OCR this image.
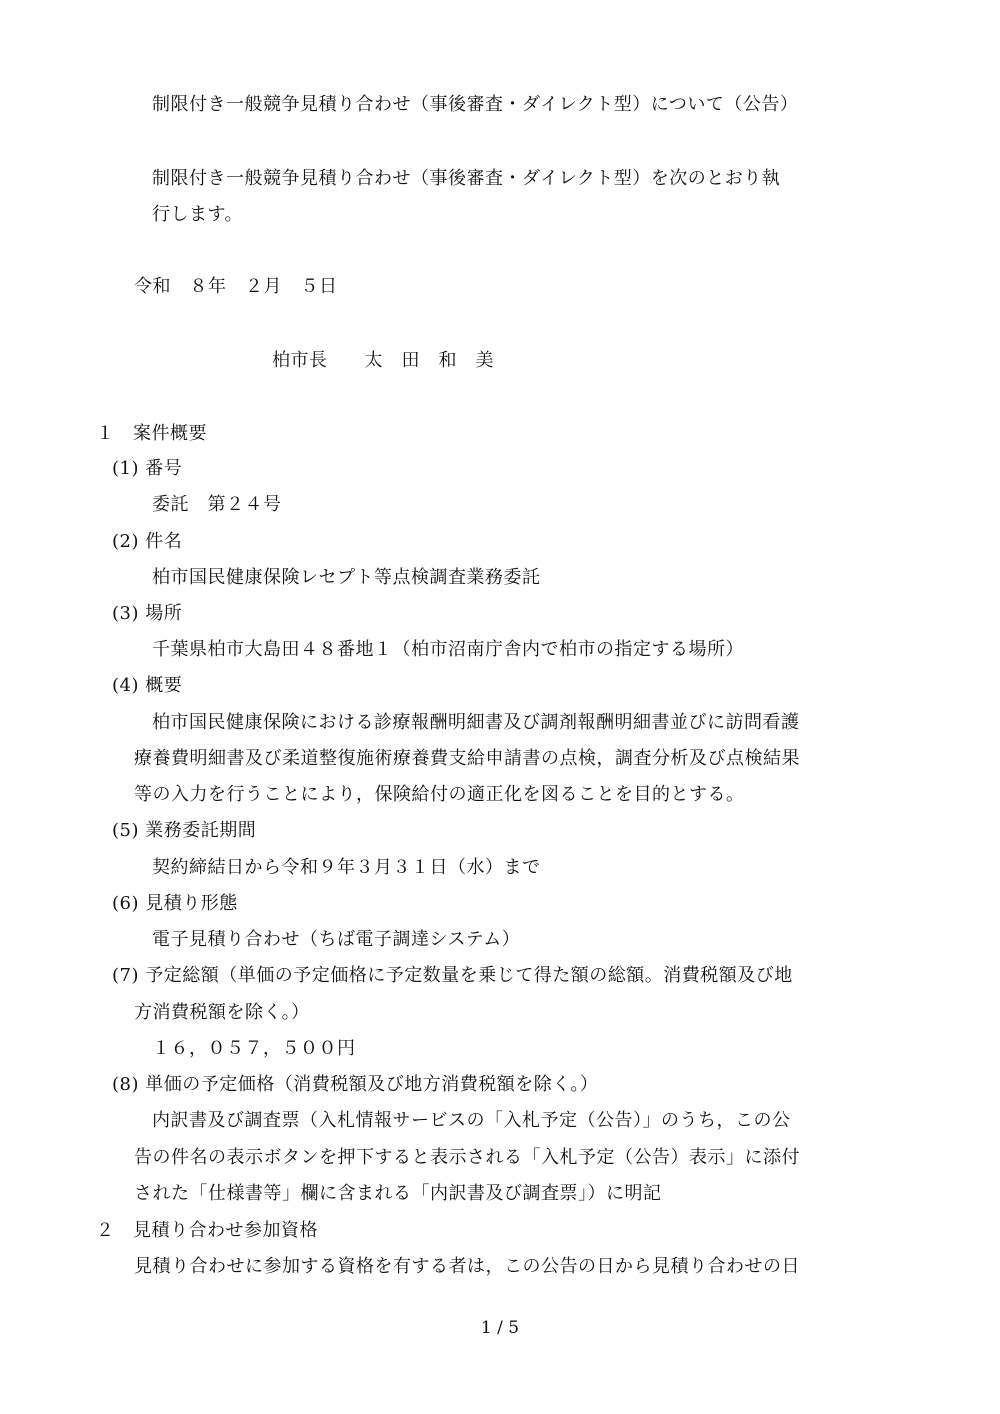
制限付き一般競争見積り合わせ（事後審査・ダイレクト型）について（公告）
制限付き一般競争見積り合わせ（事後審査・ダイレクト型）を次のとおり執
行します。
令和　８年　２月　５日
柏市長　　太　田　和　美
１　案件概要
(1) 番号
委託　第２４号
(2) 件名
柏市国民健康保険レセプト等点検調査業務委託
(3) 場所
千葉県柏市大島田４８番地１（柏市沼南庁舎内で柏市の指定する場所）
(4) 概要
柏市国民健康保険における診療報酬明細書及び調剤報酬明細書並びに訪問看護
療養費明細書及び柔道整復施術療養費支給申請書の点検，調査分析及び点検結果
等の入力を行うことにより，保険給付の適正化を図ることを目的とする。
(5) 業務委託期間
契約締結日から令和９年３月３１日（水）まで
(6) 見積り形態
電子見積り合わせ（ちば電子調達システム）
(7) 予定総額（単価の予定価格に予定数量を乗じて得た額の総額。消費税額及び地
方消費税額を除く。）
１６，０５７，５００円
(8) 単価の予定価格（消費税額及び地方消費税額を除く。）
内訳書及び調査票（入札情報サービスの「入札予定（公告）」のうち，この公
告の件名の表示ボタンを押下すると表示される「入札予定（公告）表示」に添付
された「仕様書等」欄に含まれる「内訳書及び調査票」）に明記
２　見積り合わせ参加資格
見積り合わせに参加する資格を有する者は，この公告の日から見積り合わせの日
1 / 5
